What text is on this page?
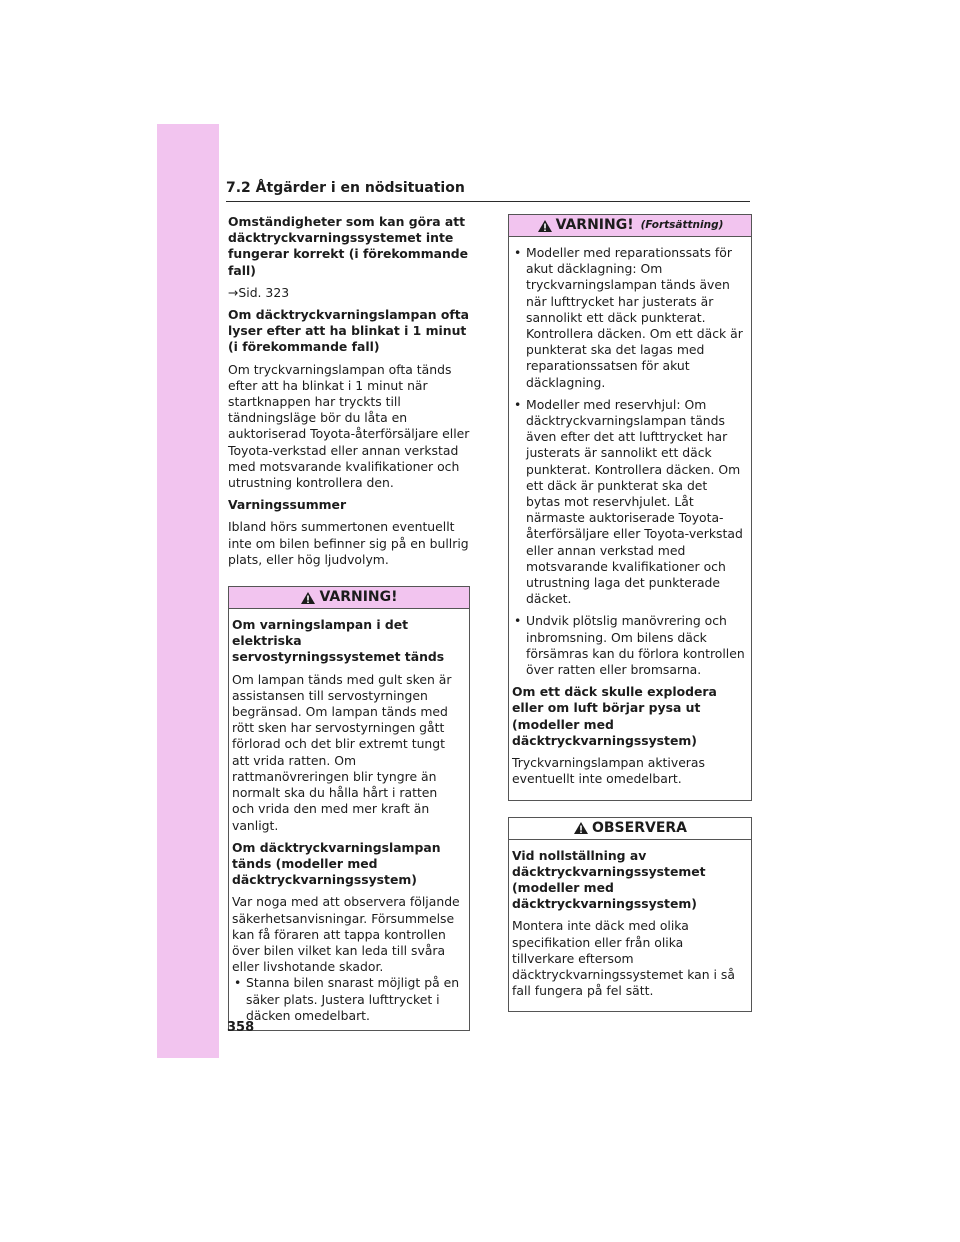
7.2 Åtgärder i en nödsituation
Omständigheter som kan göra att däcktryckvarningssystemet inte fungerar korrekt (i förekommande fall)
→Sid. 323
Om däcktryckvarningslampan ofta lyser efter att ha blinkat i 1 minut (i förekommande fall)
Om tryckvarningslampan ofta tänds efter att ha blinkat i 1 minut när startknappen har tryckts till tändningsläge bör du låta en auktoriserad Toyota-återförsäljare eller Toyota-verkstad eller annan verkstad med motsvarande kvalifikationer och utrustning kontrollera den.
Varningssummer
Ibland hörs summertonen eventuellt inte om bilen befinner sig på en bullrig plats, eller hög ljudvolym.
VARNING!
Om varningslampan i det elektriska servostyrningssystemet tänds
Om lampan tänds med gult sken är assistansen till servostyrningen begränsad. Om lampan tänds med rött sken har servostyrningen gått förlorad och det blir extremt tungt att vrida ratten. Om rattmanövreringen blir tyngre än normalt ska du hålla hårt i ratten och vrida den med mer kraft än vanligt.
Om däcktryckvarningslampan tänds (modeller med däcktryckvarningssystem)
Var noga med att observera följande säkerhetsanvisningar. Försummelse kan få föraren att tappa kontrollen över bilen vilket kan leda till svåra eller livshotande skador.
• Stanna bilen snarast möjligt på en säker plats. Justera lufttrycket i däcken omedelbart.
VARNING! (Fortsättning)
• Modeller med reparationssats för akut däcklagning: Om tryckvarningslampan tänds även när lufttrycket har justerats är sannolikt ett däck punkterat. Kontrollera däcken. Om ett däck är punkterat ska det lagas med reparationssatsen för akut däcklagning.
• Modeller med reservhjul: Om däcktryckvarningslampan tänds även efter det att lufttrycket har justerats är sannolikt ett däck punkterat. Kontrollera däcken. Om ett däck är punkterat ska det bytas mot reservhjulet. Låt närmaste auktoriserade Toyota-återförsäljare eller Toyota-verkstad eller annan verkstad med motsvarande kvalifikationer och utrustning laga det punkterade däcket.
• Undvik plötslig manövrering och inbromsning. Om bilens däck försämras kan du förlora kontrollen över ratten eller bromsarna.
Om ett däck skulle explodera eller om luft börjar pysa ut (modeller med däcktryckvarningssystem)
Tryckvarningslampan aktiveras eventuellt inte omedelbart.
OBSERVERA
Vid nollställning av däcktryckvarningssystemet (modeller med däcktryckvarningssystem)
Montera inte däck med olika specifikation eller från olika tillverkare eftersom däcktryckvarningssystemet kan i så fall fungera på fel sätt.
358
